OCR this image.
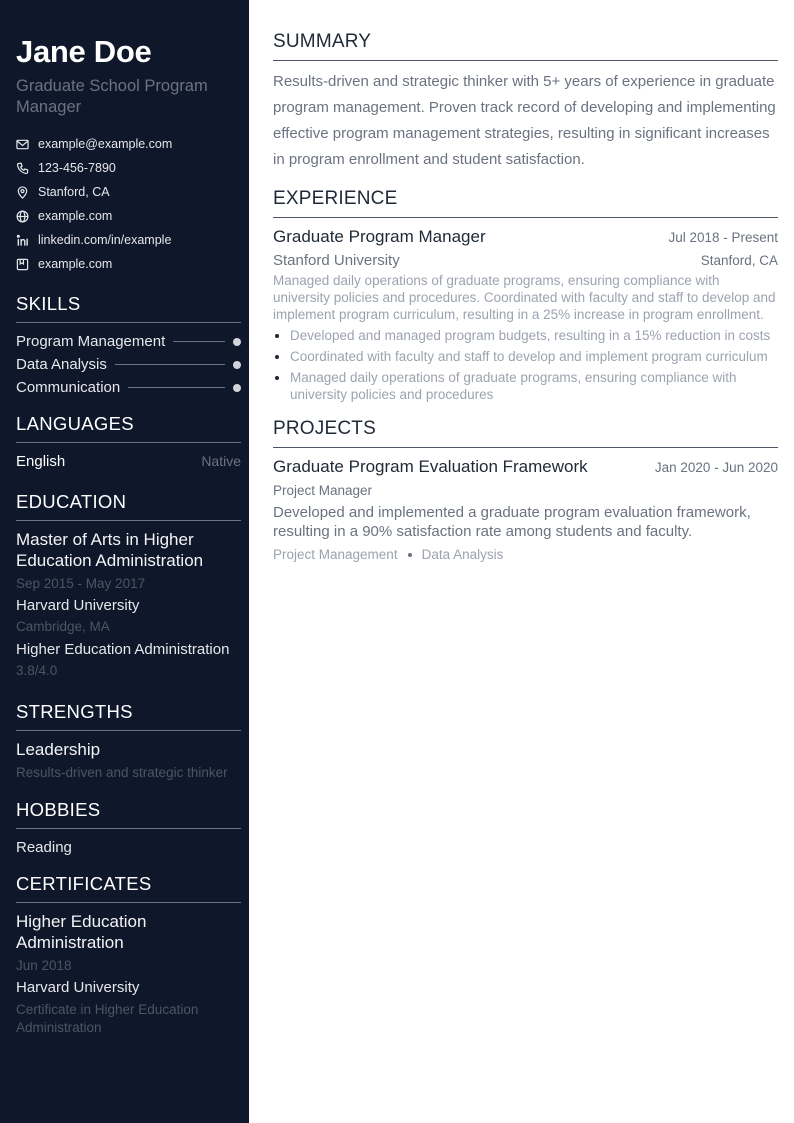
Jane Doe
Graduate School Program Manager
example@example.com
123-456-7890
Stanford, CA
example.com
linkedin.com/in/example
example.com
SKILLS
Program Management
Data Analysis
Communication
LANGUAGES
English	Native
EDUCATION
Master of Arts in Higher Education Administration
Sep 2015 - May 2017
Harvard University
Cambridge, MA
Higher Education Administration
3.8/4.0
STRENGTHS
Leadership
Results-driven and strategic thinker
HOBBIES
Reading
CERTIFICATES
Higher Education Administration
Jun 2018
Harvard University
Certificate in Higher Education Administration
SUMMARY
Results-driven and strategic thinker with 5+ years of experience in graduate program management. Proven track record of developing and implementing effective program management strategies, resulting in significant increases in program enrollment and student satisfaction.
EXPERIENCE
Graduate Program Manager	Jul 2018 - Present
Stanford University	Stanford, CA
Managed daily operations of graduate programs, ensuring compliance with university policies and procedures. Coordinated with faculty and staff to develop and implement program curriculum, resulting in a 25% increase in program enrollment.
• Developed and managed program budgets, resulting in a 15% reduction in costs
• Coordinated with faculty and staff to develop and implement program curriculum
• Managed daily operations of graduate programs, ensuring compliance with university policies and procedures
PROJECTS
Graduate Program Evaluation Framework	Jan 2020 - Jun 2020
Project Manager
Developed and implemented a graduate program evaluation framework, resulting in a 90% satisfaction rate among students and faculty.
Project Management Data Analysis
